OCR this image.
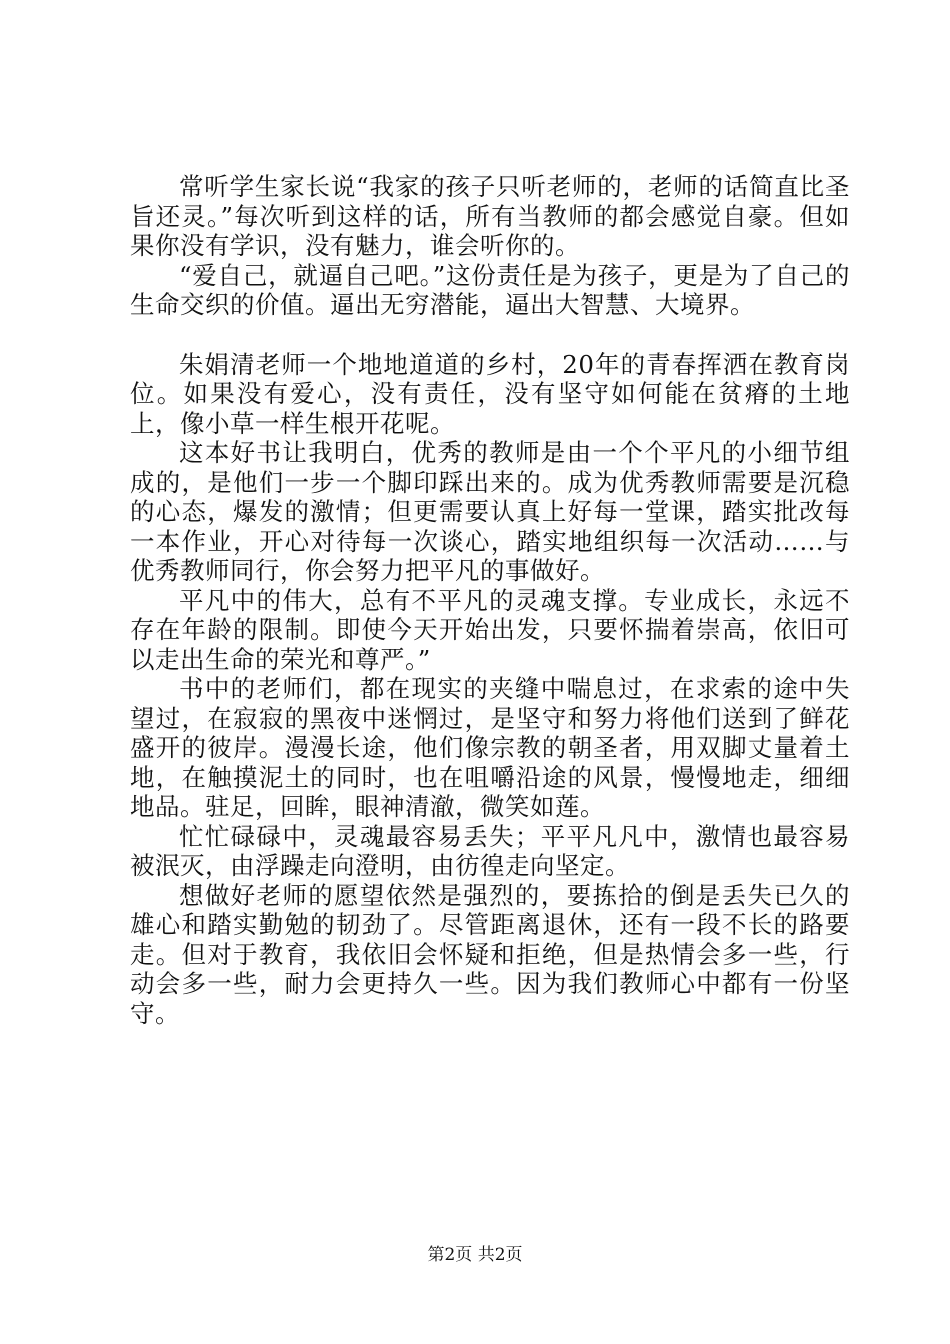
常听学生家长说“我家的孩子只听老师的，老师的话简直比圣旨还灵。”每次听到这样的话，所有当教师的都会感觉自豪。但如果你没有学识，没有魅力，谁会听你的。

“爱自己，就逼自己吧。”这份责任是为孩子，更是为了自己的生命交织的价值。逼出无穷潜能，逼出大智慧、大境界。

朱娟清老师一个地地道道的乡村，20年的青春挥洒在教育岗位。如果没有爱心，没有责任，没有坚守如何能在贫瘠的土地上，像小草一样生根开花呢。

这本好书让我明白，优秀的教师是由一个个平凡的小细节组成的，是他们一步一个脚印踩出来的。成为优秀教师需要是沉稳的心态，爆发的激情；但更需要认真上好每一堂课，踏实批改每一本作业，开心对待每一次谈心，踏实地组织每一次活动……与优秀教师同行，你会努力把平凡的事做好。

平凡中的伟大，总有不平凡的灵魂支撑。专业成长，永远不存在年龄的限制。即使今天开始出发，只要怀揣着崇高，依旧可以走出生命的荣光和尊严。”

书中的老师们，都在现实的夹缝中喘息过，在求索的途中失望过，在寂寂的黑夜中迷惘过，是坚守和努力将他们送到了鲜花盛开的彼岸。漫漫长途，他们像宗教的朝圣者，用双脚丈量着土地，在触摸泥土的同时，也在咀嚼沿途的风景，慢慢地走，细细地品。驻足，回眸，眼神清澈，微笑如莲。

忙忙碌碌中，灵魂最容易丢失；平平凡凡中，激情也最容易被泯灭，由浮躁走向澄明，由彷徨走向坚定。

想做好老师的愿望依然是强烈的，要拣拾的倒是丢失已久的雄心和踏实勤勉的韧劲了。尽管距离退休，还有一段不长的路要走。但对于教育，我依旧会怀疑和拒绝，但是热情会多一些，行动会多一些，耐力会更持久一些。因为我们教师心中都有一份坚守。

第2页 共2页
